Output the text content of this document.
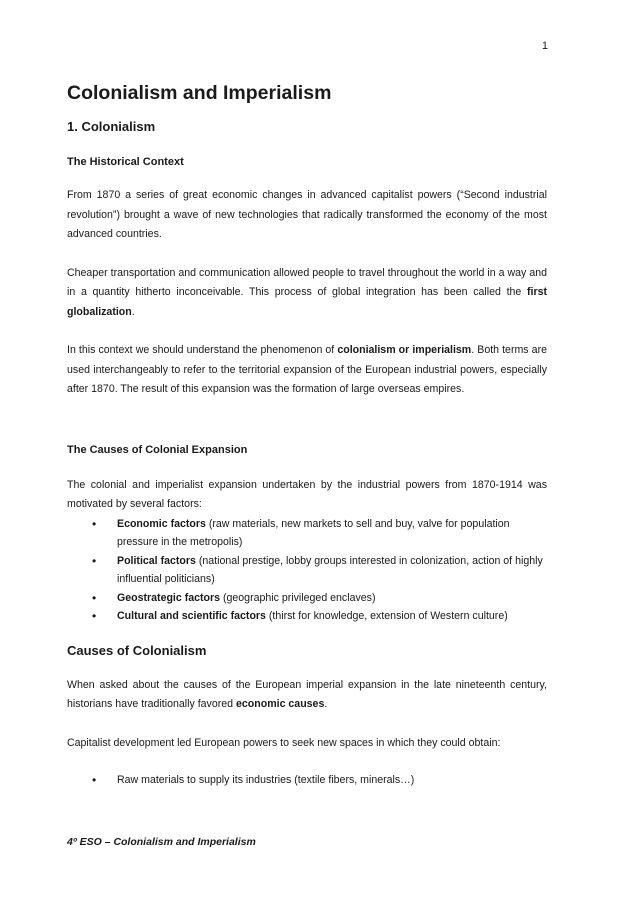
1
Colonialism and Imperialism
1. Colonialism
The Historical Context

From 1870 a series of great economic changes in advanced capitalist powers (“Second industrial revolution”) brought a wave of new technologies that radically transformed the economy of the most advanced countries.

Cheaper transportation and communication allowed people to travel throughout the world in a way and in a quantity hitherto inconceivable. This process of global integration has been called the first globalization.

In this context we should understand the phenomenon of colonialism or imperialism. Both terms are used interchangeably to refer to the territorial expansion of the European industrial powers, especially after 1870. The result of this expansion was the formation of large overseas empires.

The Causes of Colonial Expansion

The colonial and imperialist expansion undertaken by the industrial powers from 1870-1914 was motivated by several factors:

• Economic factors (raw materials, new markets to sell and buy, valve for population pressure in the metropolis)
• Political factors (national prestige, lobby groups interested in colonization, action of highly influential politicians)
• Geostrategic factors (geographic privileged enclaves)
• Cultural and scientific factors (thirst for knowledge, extension of Western culture)
Causes of Colonialism

When asked about the causes of the European imperial expansion in the late nineteenth century, historians have traditionally favored economic causes.

Capitalist development led European powers to seek new spaces in which they could obtain:

• Raw materials to supply its industries (textile fibers, minerals…)
4º ESO – Colonialism and Imperialism
